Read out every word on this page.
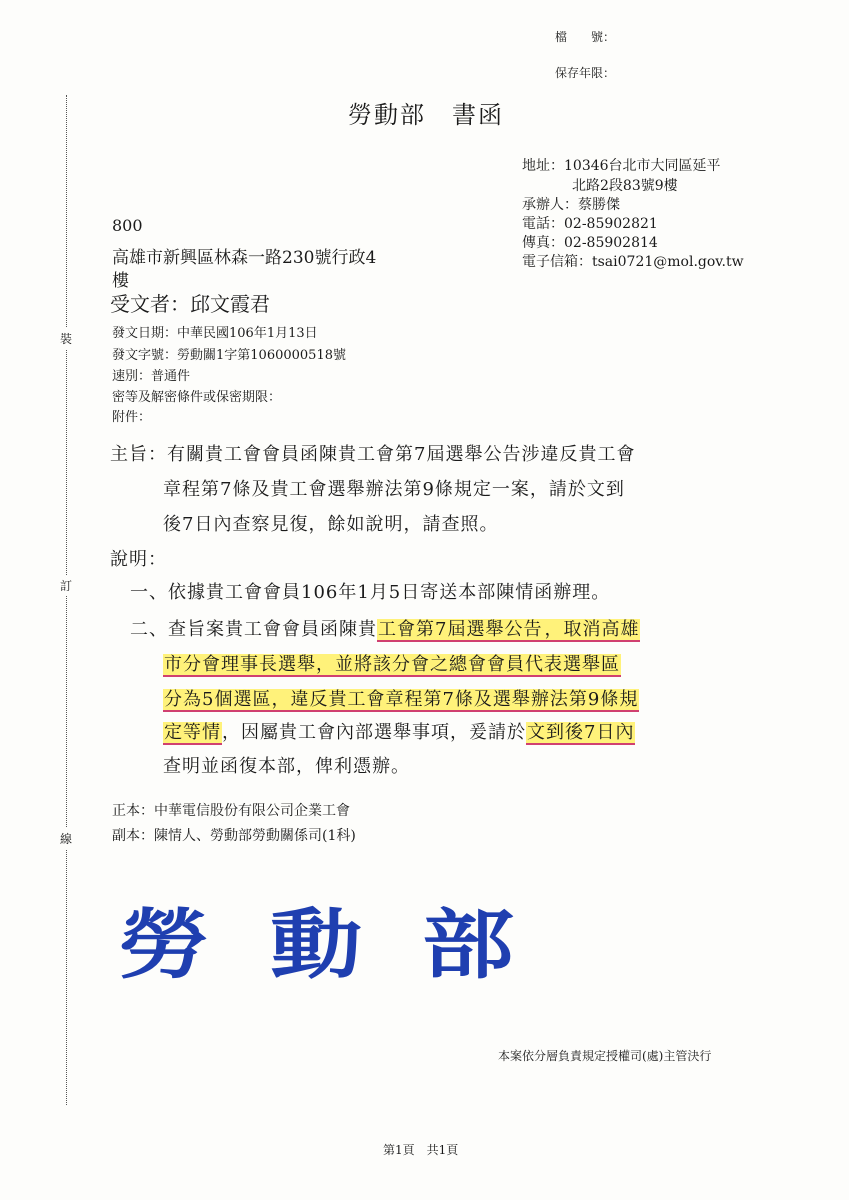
裝
訂
線
檔　　號：
保存年限：
勞動部　書函
地址：10346台北市大同區延平
北路2段83號9樓
承辦人：蔡勝傑
電話：02-85902821
傳真：02-85902814
電子信箱：tsai0721@mol.gov.tw
800
高雄市新興區林森一路230號行政4
樓
受文者：邱文霞君
發文日期：中華民國106年1月13日
發文字號：勞動關1字第1060000518號
速別：普通件
密等及解密條件或保密期限：
附件：
主旨：有關貴工會會員函陳貴工會第7屆選舉公告涉違反貴工會
章程第7條及貴工會選舉辦法第9條規定一案，請於文到
後7日內查察見復，餘如說明，請查照。
說明：
一、依據貴工會會員106年1月5日寄送本部陳情函辦理。
二、查旨案貴工會會員函陳貴工會第7屆選舉公告 ，取消高雄
市分會理事長選舉，並將該分會之總會會員代表選舉區
分為5個選區，違反貴工會章程第7條及選舉辦法第9條規
定等情，因屬貴工會內部選舉事項，爰請於文到後7日內
查明並函復本部，俾利憑辦。
正本：中華電信股份有限公司企業工會
副本：陳情人、勞動部勞動關係司(1科)
勞動部
本案依分層負責規定授權司(處)主管決行
第1頁　共1頁
